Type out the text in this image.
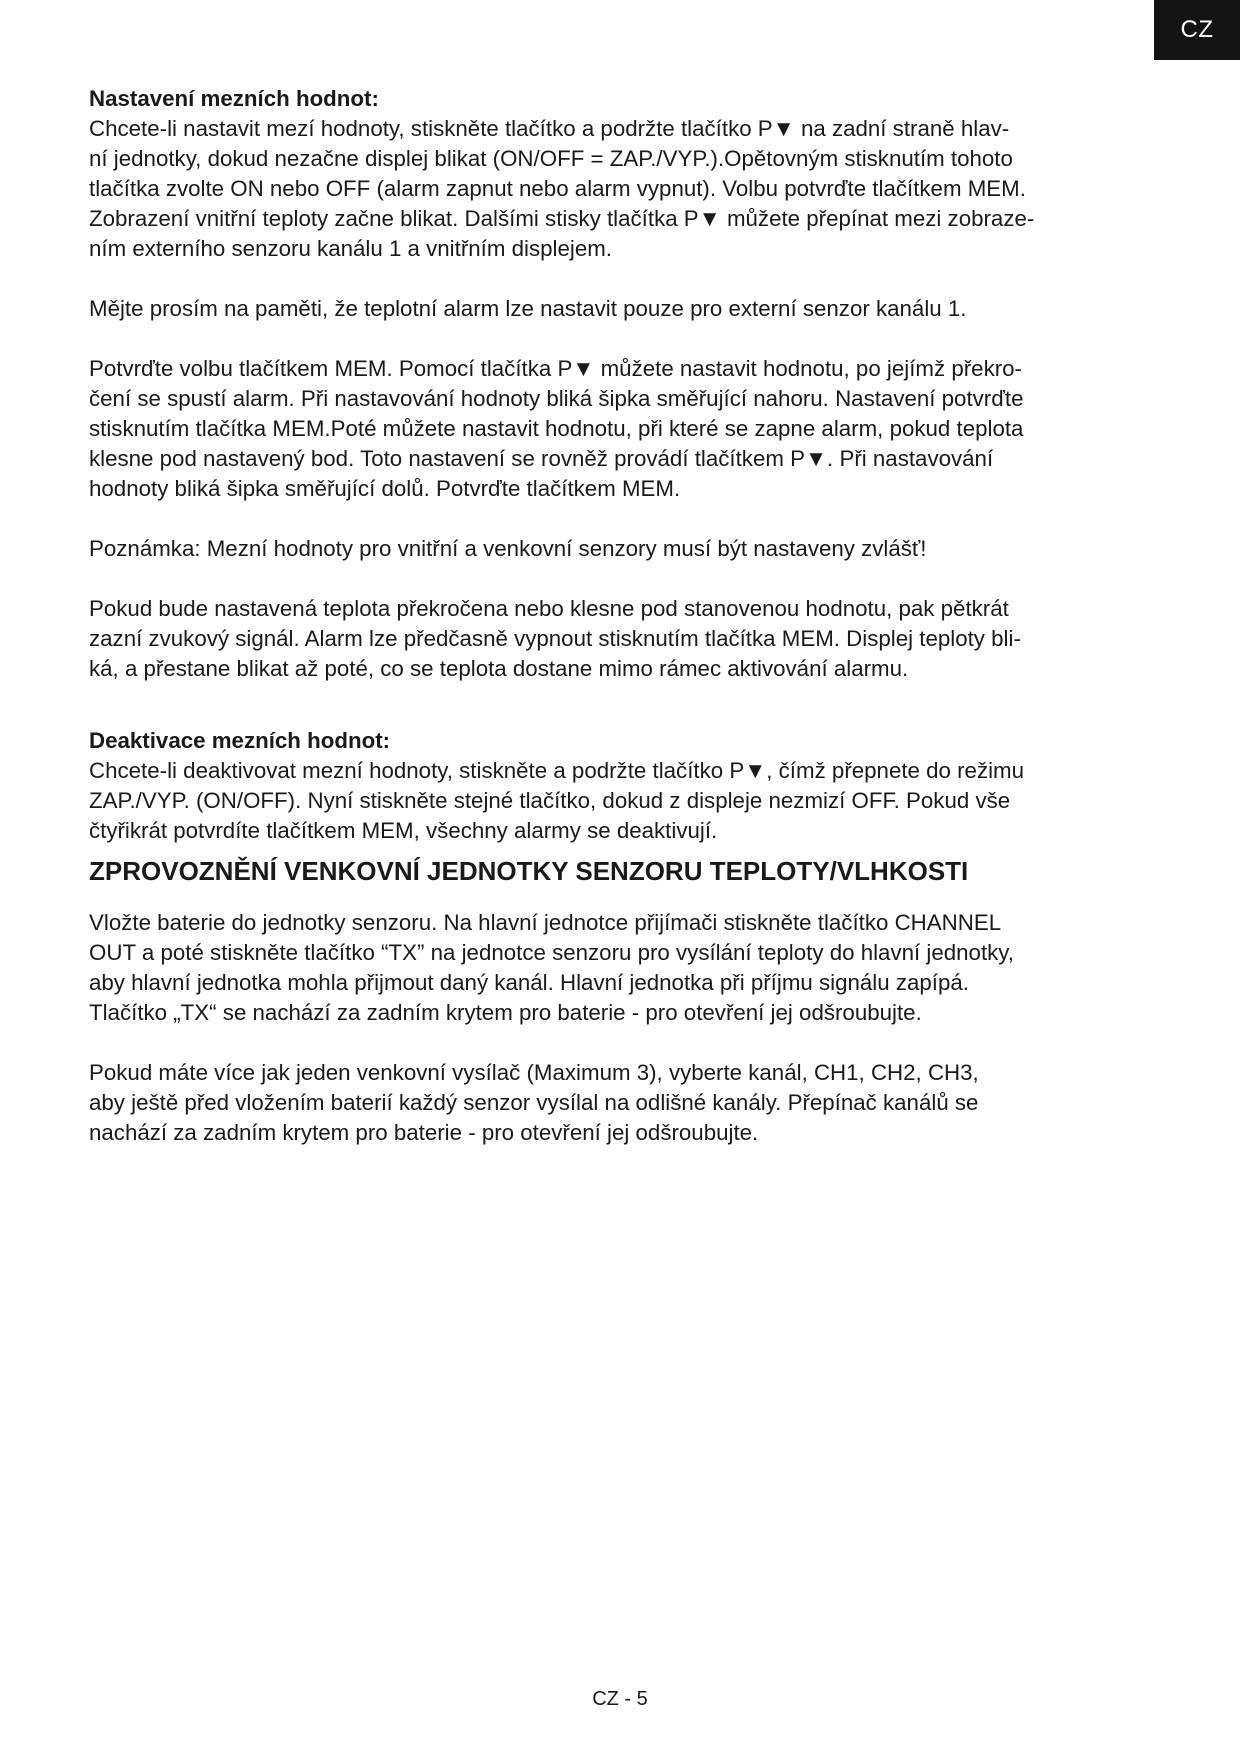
CZ
Nastavení mezních hodnot:
Chcete-li nastavit mezí hodnoty, stiskněte tlačítko a podržte tlačítko P▼ na zadní straně hlav-
ní jednotky, dokud nezačne displej blikat (ON/OFF = ZAP./VYP.).Opětovným stisknutím tohoto
tlačítka zvolte ON nebo OFF (alarm zapnut nebo alarm vypnut). Volbu potvrďte tlačítkem MEM.
Zobrazení vnitřní teploty začne blikat. Dalšími stisky tlačítka P▼ můžete přepínat mezi zobraze-
ním externího senzoru kanálu 1 a vnitřním displejem.
Mějte prosím na paměti, že teplotní alarm lze nastavit pouze pro externí senzor kanálu 1.
Potvrďte volbu tlačítkem MEM. Pomocí tlačítka P▼ můžete nastavit hodnotu, po jejímž překro-
čení se spustí alarm. Při nastavování hodnoty bliká šipka směřující nahoru. Nastavení potvrďte
stisknutím tlačítka MEM.Poté můžete nastavit hodnotu, při které se zapne alarm, pokud teplota
klesne pod nastavený bod. Toto nastavení se rovněž provádí tlačítkem P▼. Při nastavování
hodnoty bliká šipka směřující dolů. Potvrďte tlačítkem MEM.
Poznámka: Mezní hodnoty pro vnitřní a venkovní senzory musí být nastaveny zvlášť!
Pokud bude nastavená teplota překročena nebo klesne pod stanovenou hodnotu, pak pětkrát
zazní zvukový signál. Alarm lze předčasně vypnout stisknutím tlačítka MEM. Displej teploty bli-
ká, a přestane blikat až poté, co se teplota dostane mimo rámec aktivování alarmu.
Deaktivace mezních hodnot:
Chcete-li deaktivovat mezní hodnoty, stiskněte a podržte tlačítko P▼, čímž přepnete do režimu
ZAP./VYP. (ON/OFF). Nyní stiskněte stejné tlačítko, dokud z displeje nezmizí OFF. Pokud vše
čtyřikrát potvrdíte tlačítkem MEM, všechny alarmy se deaktivují.
ZPROVOZNĚNÍ VENKOVNÍ JEDNOTKY SENZORU TEPLOTY/VLHKOSTI
Vložte baterie do jednotky senzoru. Na hlavní jednotce přijímači stiskněte tlačítko CHANNEL
OUT a poté stiskněte tlačítko “TX” na jednotce senzoru pro vysílání teploty do hlavní jednotky,
aby hlavní jednotka mohla přijmout daný kanál. Hlavní jednotka při příjmu signálu zapípá.
Tlačítko „TX“ se nachází za zadním krytem pro baterie - pro otevření jej odšroubujte.
Pokud máte více jak jeden venkovní vysílač (Maximum 3), vyberte kanál, CH1, CH2, CH3,
aby ještě před vložením baterií každý senzor vysílal na odlišné kanály. Přepínač kanálů se
nachází za zadním krytem pro baterie - pro otevření jej odšroubujte.
CZ - 5
